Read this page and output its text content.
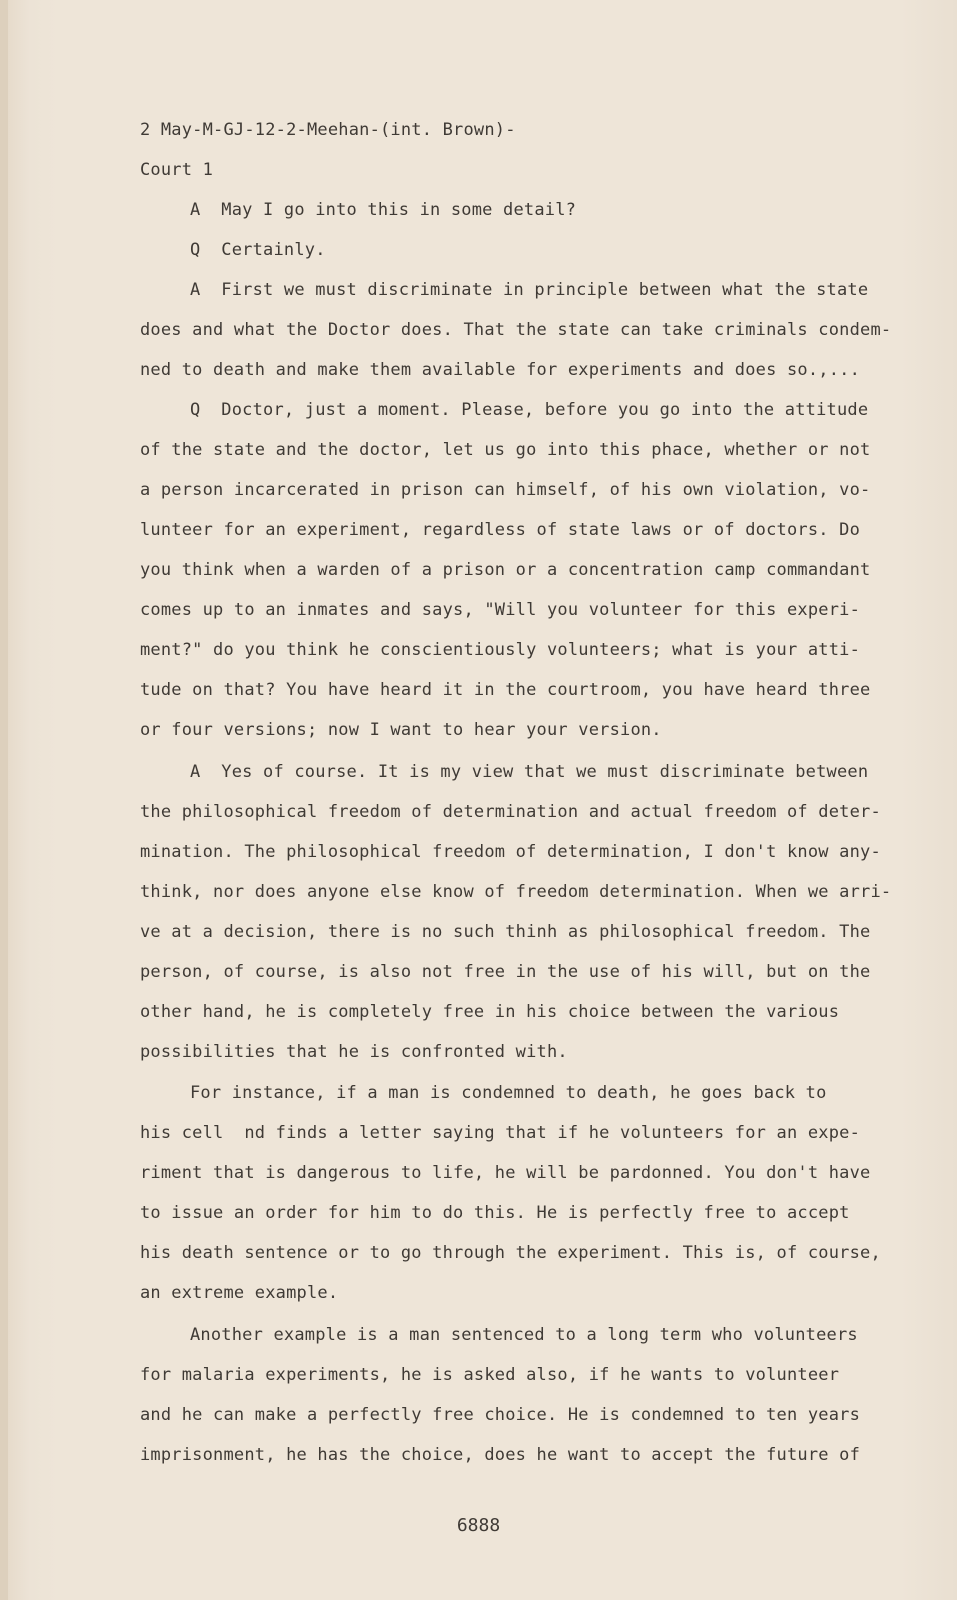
2 May-M-GJ-12-2-Meehan-(int. Brown)-
Court 1
A  May I go into this in some detail?
Q  Certainly.
A  First we must discriminate in principle between what the state
does and what the Doctor does. That the state can take criminals condem-
ned to death and make them available for experiments and does so.,...
Q  Doctor, just a moment. Please, before you go into the attitude
of the state and the doctor, let us go into this phace, whether or not
a person incarcerated in prison can himself, of his own violation, vo-
lunteer for an experiment, regardless of state laws or of doctors. Do
you think when a warden of a prison or a concentration camp commandant
comes up to an inmates and says, "Will you volunteer for this experi-
ment?" do you think he conscientiously volunteers; what is your atti-
tude on that? You have heard it in the courtroom, you have heard three
or four versions; now I want to hear your version.
A  Yes of course. It is my view that we must discriminate between
the philosophical freedom of determination and actual freedom of deter-
mination. The philosophical freedom of determination, I don't know any-
think, nor does anyone else know of freedom determination. When we arri-
ve at a decision, there is no such thinh as philosophical freedom. The
person, of course, is also not free in the use of his will, but on the
other hand, he is completely free in his choice between the various
possibilities that he is confronted with.
For instance, if a man is condemned to death, he goes back to
his cell  nd finds a letter saying that if he volunteers for an expe-
riment that is dangerous to life, he will be pardonned. You don't have
to issue an order for him to do this. He is perfectly free to accept
his death sentence or to go through the experiment. This is, of course,
an extreme example.
Another example is a man sentenced to a long term who volunteers
for malaria experiments, he is asked also, if he wants to volunteer
and he can make a perfectly free choice. He is condemned to ten years
imprisonment, he has the choice, does he want to accept the future of
6888
